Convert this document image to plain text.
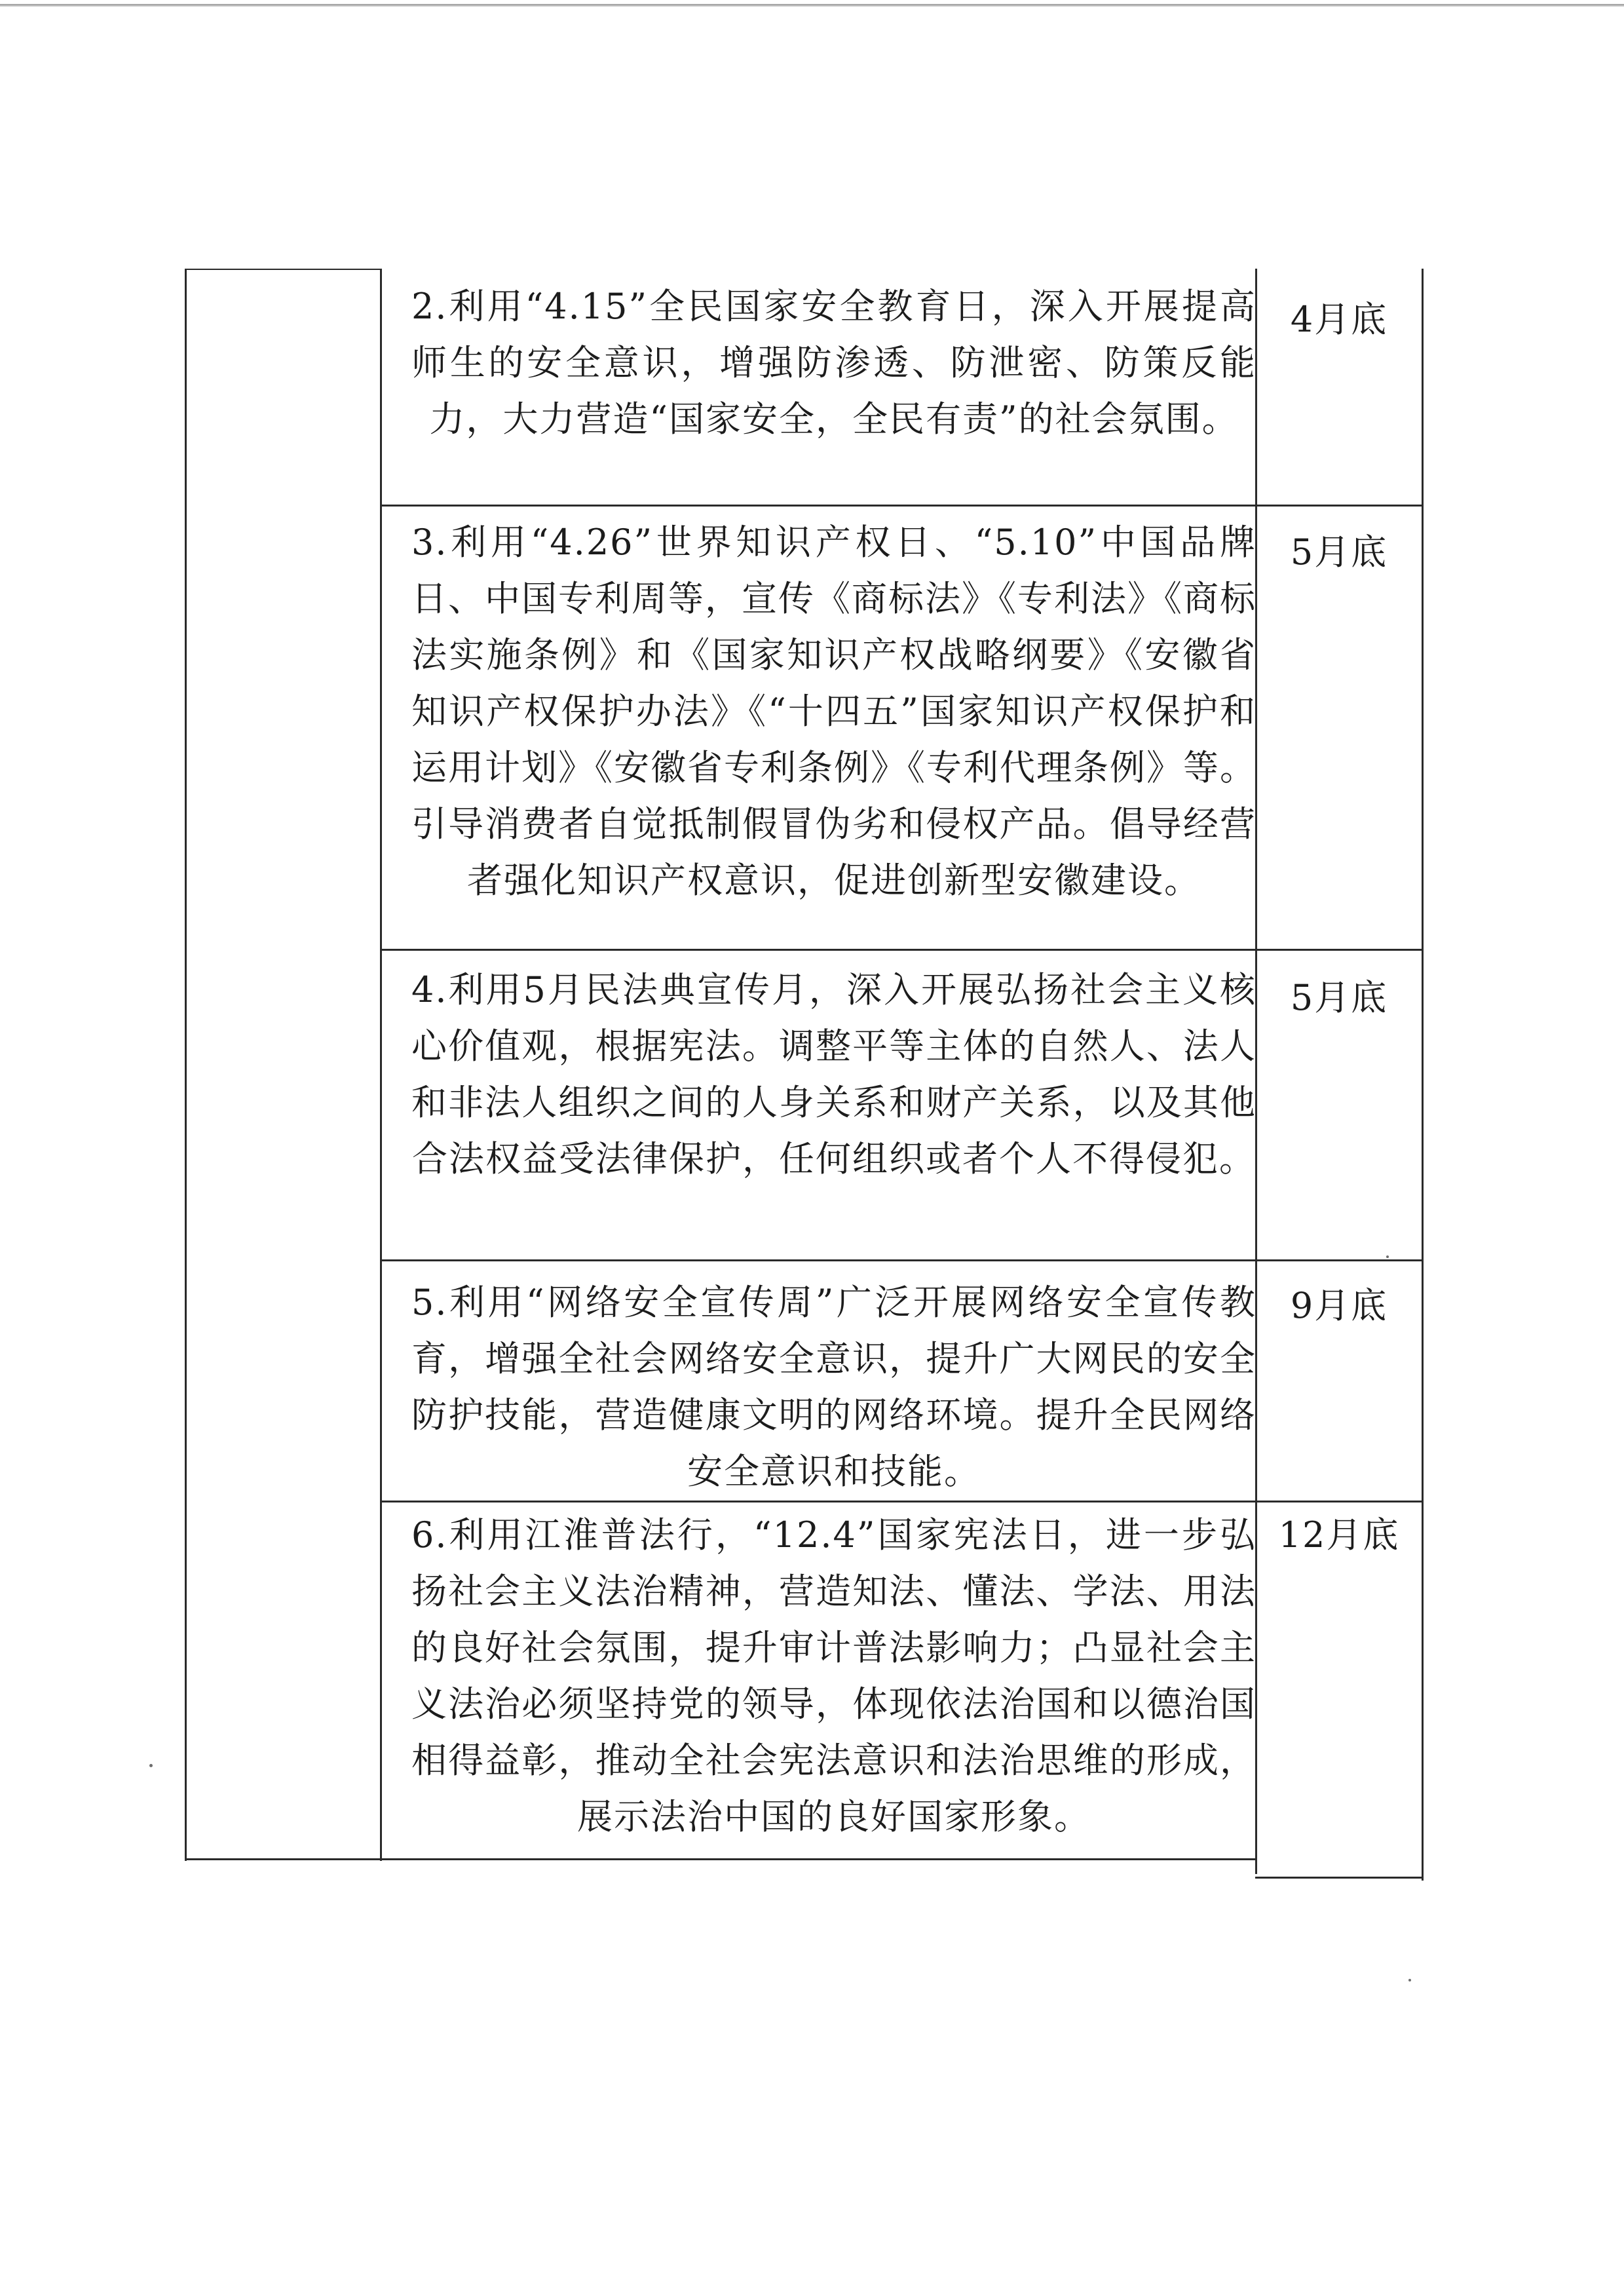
2.利用“4.15”全民国家安全教育日，深入开展提高师生的安全意识，增强防渗透、防泄密、防策反能力，大力营造“国家安全，全民有责”的社会氛围。
4月底
3.利用“4.26”世界知识产权日、“5.10”中国品牌日、中国专利周等，宣传《商标法》《专利法》《商标法实施条例》和《国家知识产权战略纲要》《安徽省知识产权保护办法》《“十四五”国家知识产权保护和运用计划》《安徽省专利条例》《专利代理条例》等。引导消费者自觉抵制假冒伪劣和侵权产品。倡导经营者强化知识产权意识，促进创新型安徽建设。
5月底
4.利用5月民法典宣传月，深入开展弘扬社会主义核心价值观，根据宪法。调整平等主体的自然人、法人和非法人组织之间的人身关系和财产关系，以及其他合法权益受法律保护，任何组织或者个人不得侵犯。
5月底
5.利用“网络安全宣传周”广泛开展网络安全宣传教育，增强全社会网络安全意识，提升广大网民的安全防护技能，营造健康文明的网络环境。提升全民网络安全意识和技能。
9月底
6.利用江淮普法行，“12.4”国家宪法日，进一步弘扬社会主义法治精神，营造知法、懂法、学法、用法的良好社会氛围，提升审计普法影响力；凸显社会主义法治必须坚持党的领导，体现依法治国和以德治国相得益彰，推动全社会宪法意识和法治思维的形成，展示法治中国的良好国家形象。
12月底
